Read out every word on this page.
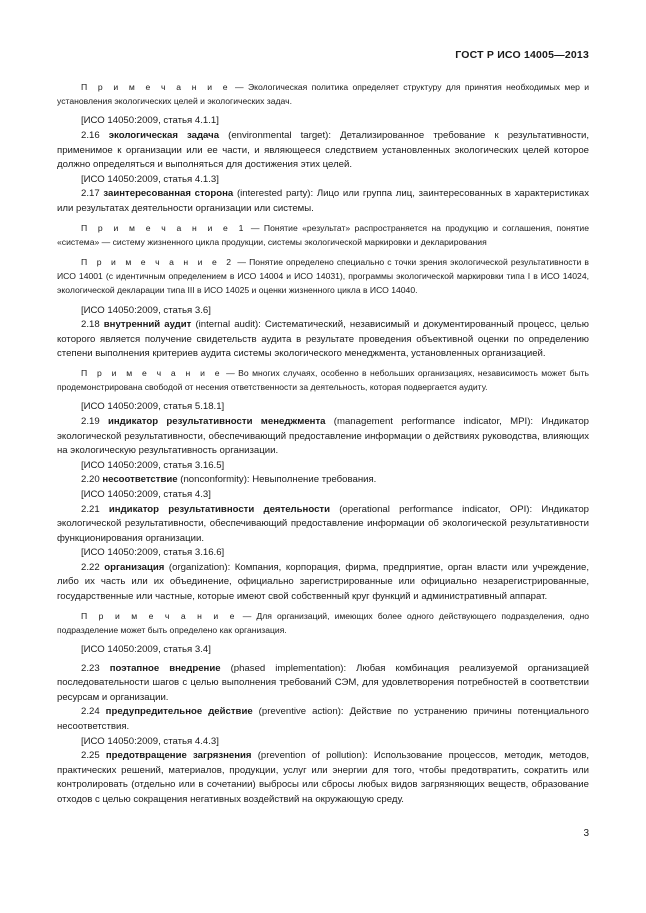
ГОСТ Р ИСО 14005—2013

П р и м е ч а н и е — Экологическая политика определяет структуру для принятия необходимых мер и установления экологических целей и экологических задач.

[ИСО 14050:2009, статья 4.1.1]

2.16 экологическая задача (environmental target): Детализированное требование к результативности, применимое к организации или ее части, и являющееся следствием установленных экологических целей которое должно определяться и выполняться для достижения этих целей.

[ИСО 14050:2009, статья 4.1.3]

2.17 заинтересованная сторона (interested party): Лицо или группа лиц, заинтересованных в характеристиках или результатах деятельности организации или системы.

П р и м е ч а н и е 1 — Понятие «результат» распространяется на продукцию и соглашения, понятие «система» — систему жизненного цикла продукции, системы экологической маркировки и декларирования

П р и м е ч а н и е 2 — Понятие определено специально с точки зрения экологической результативности в ИСО 14001 (с идентичным определением в ИСО 14004 и ИСО 14031), программы экологической маркировки типа I в ИСО 14024, экологической декларации типа III в ИСО 14025 и оценки жизненного цикла в ИСО 14040.

[ИСО 14050:2009, статья 3.6]

2.18 внутренний аудит (internal audit): Систематический, независимый и документированный процесс, целью которого является получение свидетельств аудита в результате проведения объективной оценки по определению степени выполнения критериев аудита системы экологического менеджмента, установленных организацией.

П р и м е ч а н и е — Во многих случаях, особенно в небольших организациях, независимость может быть продемонстрирована свободой от несения ответственности за деятельность, которая подвергается аудиту.

[ИСО 14050:2009, статья 5.18.1]

2.19 индикатор результативности менеджмента (management performance indicator, MPI): Индикатор экологической результативности, обеспечивающий предоставление информации о действиях руководства, влияющих на экологическую результативность организации.

[ИСО 14050:2009, статья 3.16.5]

2.20 несоответствие (nonconformity): Невыполнение требования.

[ИСО 14050:2009, статья 4.3]

2.21 индикатор результативности деятельности (operational performance indicator, OPI): Индикатор экологической результативности, обеспечивающий предоставление информации об экологической результативности функционирования организации.

[ИСО 14050:2009, статья 3.16.6]

2.22 организация (organization): Компания, корпорация, фирма, предприятие, орган власти или учреждение, либо их часть или их объединение, официально зарегистрированные или официально незарегистрированные, государственные или частные, которые имеют свой собственный круг функций и административный аппарат.

П р и м е ч а н и е — Для организаций, имеющих более одного действующего подразделения, одно подразделение может быть определено как организация.

[ИСО 14050:2009, статья 3.4]

2.23 поэтапное внедрение (phased implementation): Любая комбинация реализуемой организацией последовательности шагов с целью выполнения требований СЭМ, для удовлетворения потребностей в соответствии ресурсам и организации.

2.24 предупредительное действие (preventive action): Действие по устранению причины потенциального несоответствия.

[ИСО 14050:2009, статья 4.4.3]

2.25 предотвращение загрязнения (prevention of pollution): Использование процессов, методик, методов, практических решений, материалов, продукции, услуг или энергии для того, чтобы предотвратить, сократить или контролировать (отдельно или в сочетании) выбросы или сбросы любых видов загрязняющих веществ, образование отходов с целью сокращения негативных воздействий на окружающую среду.

3
